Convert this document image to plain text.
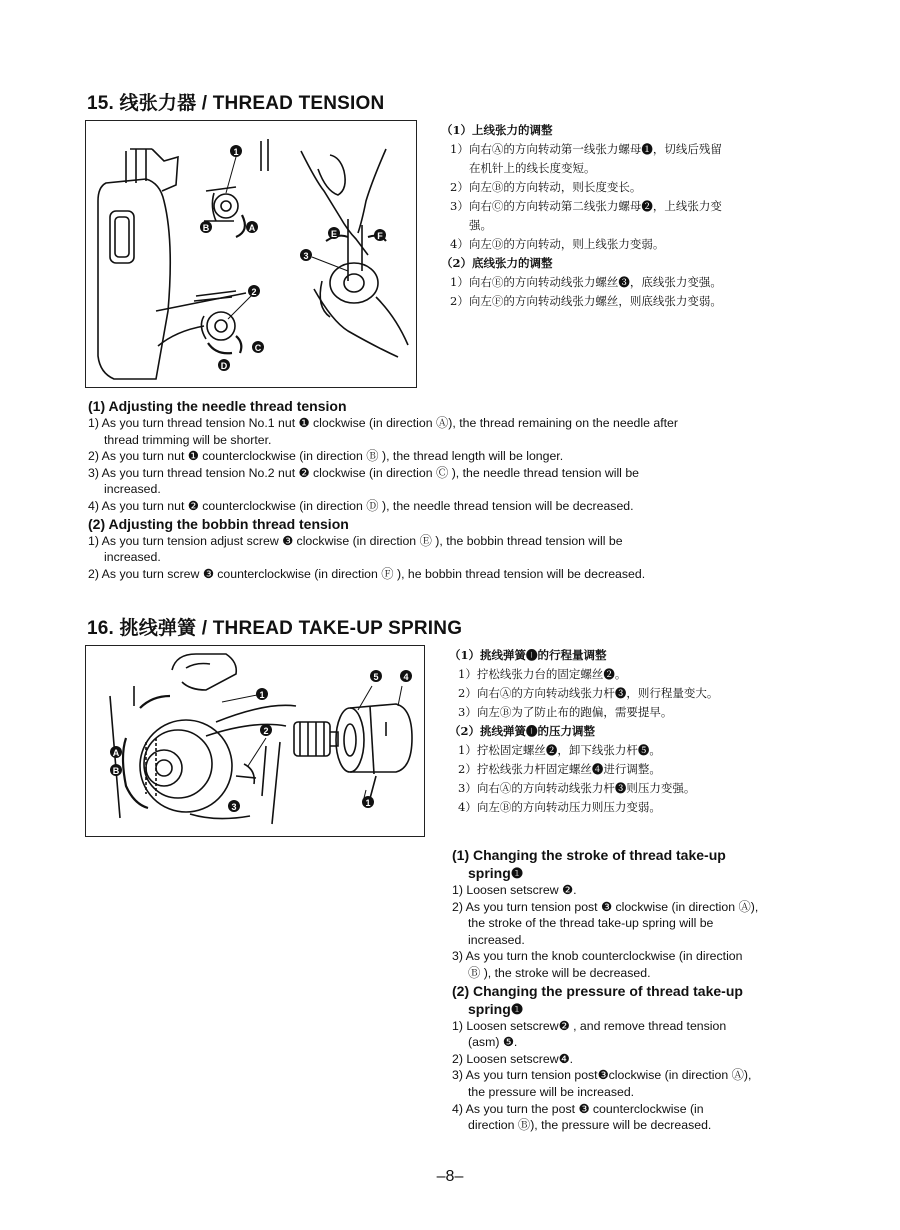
15. 线张力器 / THREAD TENSION
1
B	A
2
3
E	F
C
D
（1）上线张力的调整
1）向右Ⓐ的方向转动第一线张力螺母❶，切线后残留
在机针上的线长度变短。
2）向左Ⓑ的方向转动，则长度变长。
3）向右Ⓒ的方向转动第二线张力螺母❷，上线张力变
强。
4）向左Ⓓ的方向转动，则上线张力变弱。
（2）底线张力的调整
1）向右Ⓔ的方向转动线张力螺丝❸，底线张力变强。
2）向左Ⓕ的方向转动线张力螺丝，则底线张力变弱。
(1) Adjusting the needle thread tension
1) As you turn thread tension No.1 nut ❶ clockwise (in direction Ⓐ), the thread remaining on the needle after
thread trimming will be shorter.
2) As you turn nut ❶ counterclockwise (in direction Ⓑ ), the thread length will be longer.
3) As you turn thread tension No.2 nut ❷ clockwise (in direction Ⓒ ), the needle thread tension will be
increased.
4) As you turn nut ❷ counterclockwise (in direction Ⓓ ), the needle thread tension will be decreased.
(2) Adjusting the bobbin thread tension
1) As you turn tension adjust screw ❸ clockwise (in direction Ⓔ ), the bobbin thread tension will be
increased.
2) As you turn screw ❸ counterclockwise (in direction Ⓕ ), he bobbin thread tension will be decreased.
16. 挑线弹簧 / THREAD TAKE-UP SPRING
1
2
3
5	4
A
B
1
（1）挑线弹簧❶的行程量调整
1）拧松线张力台的固定螺丝❷。
2）向右Ⓐ的方向转动线张力杆❸，则行程量变大。
3）向左Ⓑ为了防止布的跑偏，需要提早。
（2）挑线弹簧❶的压力调整
1）拧松固定螺丝❷，卸下线张力杆❺。
2）拧松线张力杆固定螺丝❹进行调整。
3）向右Ⓐ的方向转动线张力杆❸则压力变强。
4）向左Ⓑ的方向转动压力则压力变弱。
(1) Changing the stroke of thread take-up
spring❶
1) Loosen setscrew ❷.
2) As you turn tension post ❸ clockwise (in direction Ⓐ),
the stroke of the thread take-up spring will be
increased.
3) As you turn the knob counterclockwise (in direction
Ⓑ ), the stroke will be decreased.
(2) Changing the pressure of thread take-up
spring❶
1) Loosen setscrew❷ , and remove thread tension
(asm) ❺.
2) Loosen setscrew❹.
3) As you turn tension post❸clockwise (in direction Ⓐ),
the pressure will be increased.
4) As you turn the post ❸ counterclockwise (in
direction Ⓑ), the pressure will be decreased.
–8–
